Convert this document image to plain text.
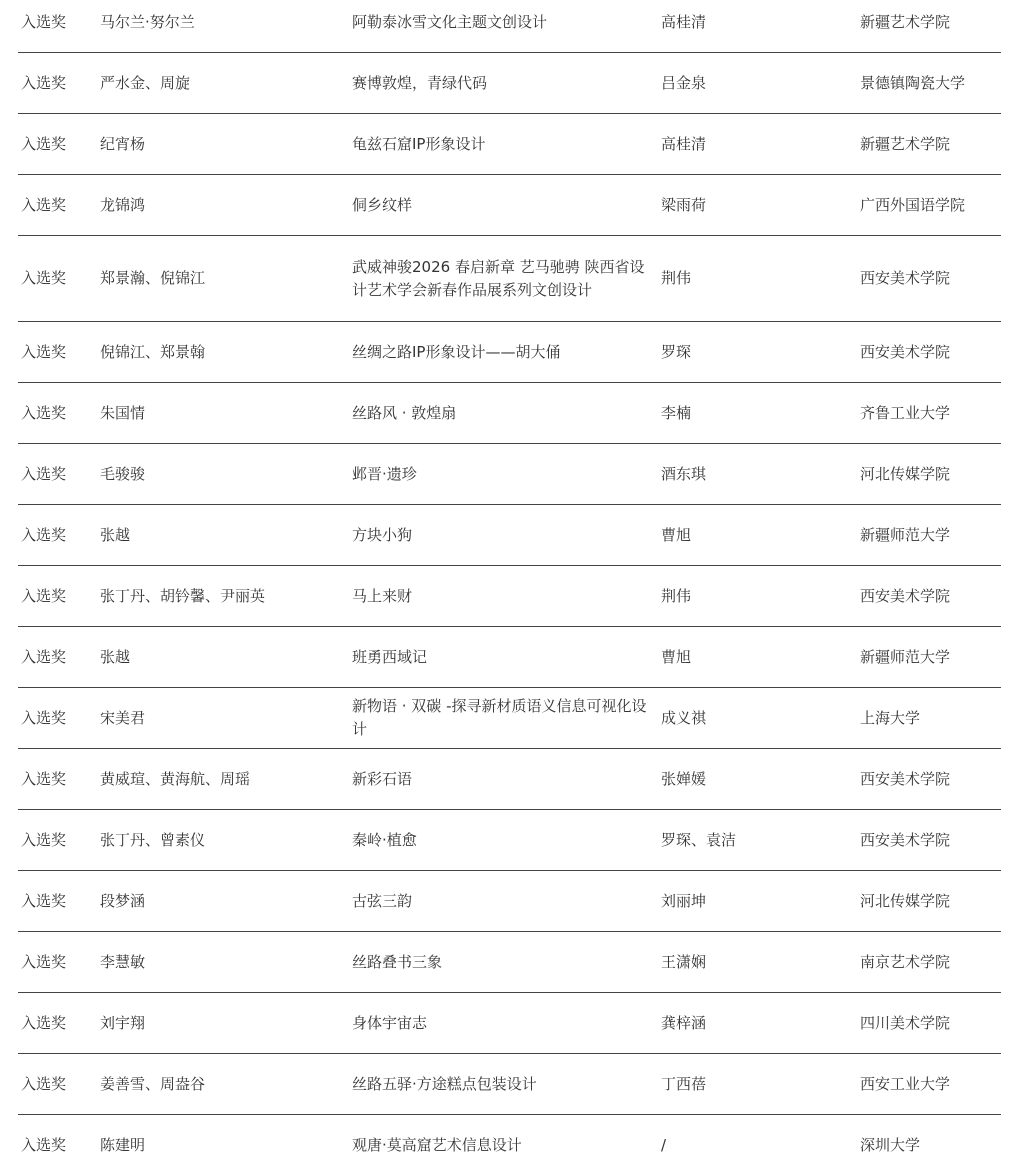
入选奖	马尔兰·努尔兰	阿勒泰冰雪文化主题文创设计	高桂清	新疆艺术学院
入选奖	严水金、周旋	赛博敦煌，青绿代码	吕金泉	景德镇陶瓷大学
入选奖	纪宵杨	龟兹石窟IP形象设计	高桂清	新疆艺术学院
入选奖	龙锦鸿	侗乡纹样	梁雨荷	广西外国语学院
入选奖	郑景瀚、倪锦江	武威神骏2026 春启新章 艺马驰骋 陕西省设计艺术学会新春作品展系列文创设计	荆伟	西安美术学院
入选奖	倪锦江、郑景翰	丝绸之路IP形象设计——胡大俑	罗琛	西安美术学院
入选奖	朱国情	丝路风 · 敦煌扇	李楠	齐鲁工业大学
入选奖	毛骏骏	邺晋·遗珍	酒东琪	河北传媒学院
入选奖	张越	方块小狗	曹旭	新疆师范大学
入选奖	张丁丹、胡钤馨、尹丽英	马上来财	荆伟	西安美术学院
入选奖	张越	班勇西域记	曹旭	新疆师范大学
入选奖	宋美君	新物语 · 双碳 -探寻新材质语义信息可视化设计	成义祺	上海大学
入选奖	黄威瑄、黄海航、周瑶	新彩石语	张婵媛	西安美术学院
入选奖	张丁丹、曾素仪	秦岭·植愈	罗琛、袁洁	西安美术学院
入选奖	段梦涵	古弦三韵	刘丽坤	河北传媒学院
入选奖	李慧敏	丝路叠书三象	王潇娴	南京艺术学院
入选奖	刘宇翔	身体宇宙志	龚梓涵	四川美术学院
入选奖	姜善雪、周盎谷	丝路五驿·方途糕点包装设计	丁西蓓	西安工业大学
入选奖	陈建明	观唐·莫高窟艺术信息设计	/	深圳大学
